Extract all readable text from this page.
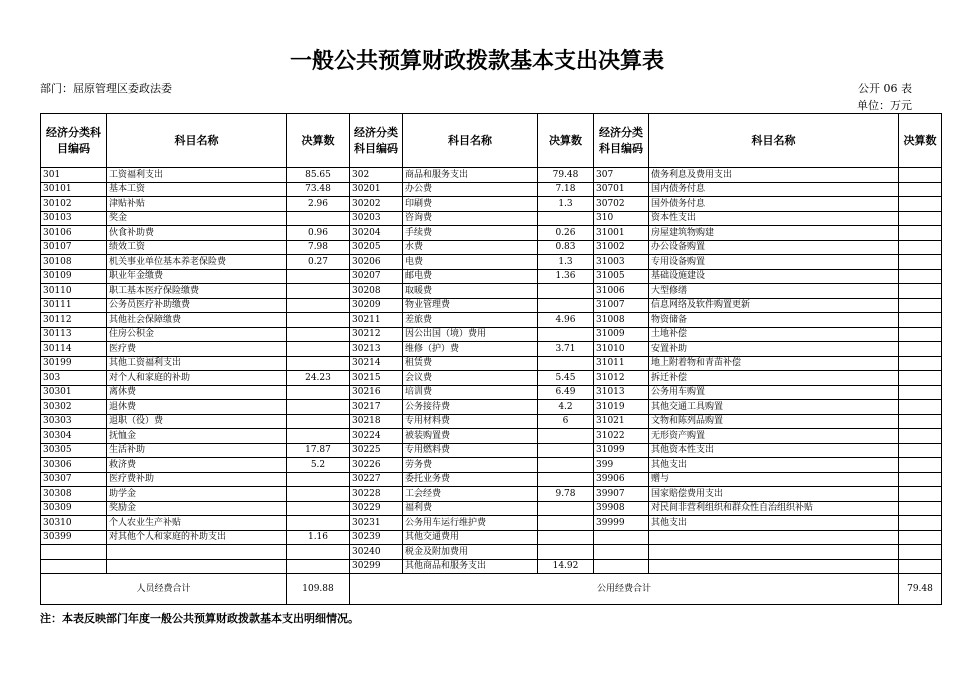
一般公共预算财政拨款基本支出决算表
部门：屈原管理区委政法委	公开 06 表
单位：万元
经济分类科目编码	科目名称	决算数	经济分类科目编码	科目名称	决算数	经济分类科目编码	科目名称	决算数
301	工资福利支出	85.65	302	商品和服务支出	79.48	307	债务利息及费用支出	
30101	基本工资	73.48	30201	办公费	7.18	30701	国内债务付息	
30102	津贴补贴	2.96	30202	印刷费	1.3	30702	国外债务付息	
30103	奖金		30203	咨询费		310	资本性支出	
30106	伙食补助费	0.96	30204	手续费	0.26	31001	房屋建筑物购建	
30107	绩效工资	7.98	30205	水费	0.83	31002	办公设备购置	
30108	机关事业单位基本养老保险费	0.27	30206	电费	1.3	31003	专用设备购置	
30109	职业年金缴费		30207	邮电费	1.36	31005	基础设施建设	
30110	职工基本医疗保险缴费		30208	取暖费		31006	大型修缮	
30111	公务员医疗补助缴费		30209	物业管理费		31007	信息网络及软件购置更新	
30112	其他社会保障缴费		30211	差旅费	4.96	31008	物资储备	
30113	住房公积金		30212	因公出国（境）费用		31009	土地补偿	
30114	医疗费		30213	维修（护）费	3.71	31010	安置补助	
30199	其他工资福利支出		30214	租赁费		31011	地上附着物和青苗补偿	
303	对个人和家庭的补助	24.23	30215	会议费	5.45	31012	拆迁补偿	
30301	离休费		30216	培训费	6.49	31013	公务用车购置	
30302	退休费		30217	公务接待费	4.2	31019	其他交通工具购置	
30303	退职（役）费		30218	专用材料费	6	31021	文物和陈列品购置	
30304	抚恤金		30224	被装购置费		31022	无形资产购置	
30305	生活补助	17.87	30225	专用燃料费		31099	其他资本性支出	
30306	救济费	5.2	30226	劳务费		399	其他支出	
30307	医疗费补助		30227	委托业务费		39906	赠与	
30308	助学金		30228	工会经费	9.78	39907	国家赔偿费用支出	
30309	奖励金		30229	福利费		39908	对民间非营利组织和群众性自治组织补贴	
30310	个人农业生产补贴		30231	公务用车运行维护费		39999	其他支出	
30399	对其他个人和家庭的补助支出	1.16	30239	其他交通费用				
			30240	税金及附加费用				
			30299	其他商品和服务支出	14.92			
人员经费合计		109.88	公用经费合计					79.48
注：本表反映部门年度一般公共预算财政拨款基本支出明细情况。
